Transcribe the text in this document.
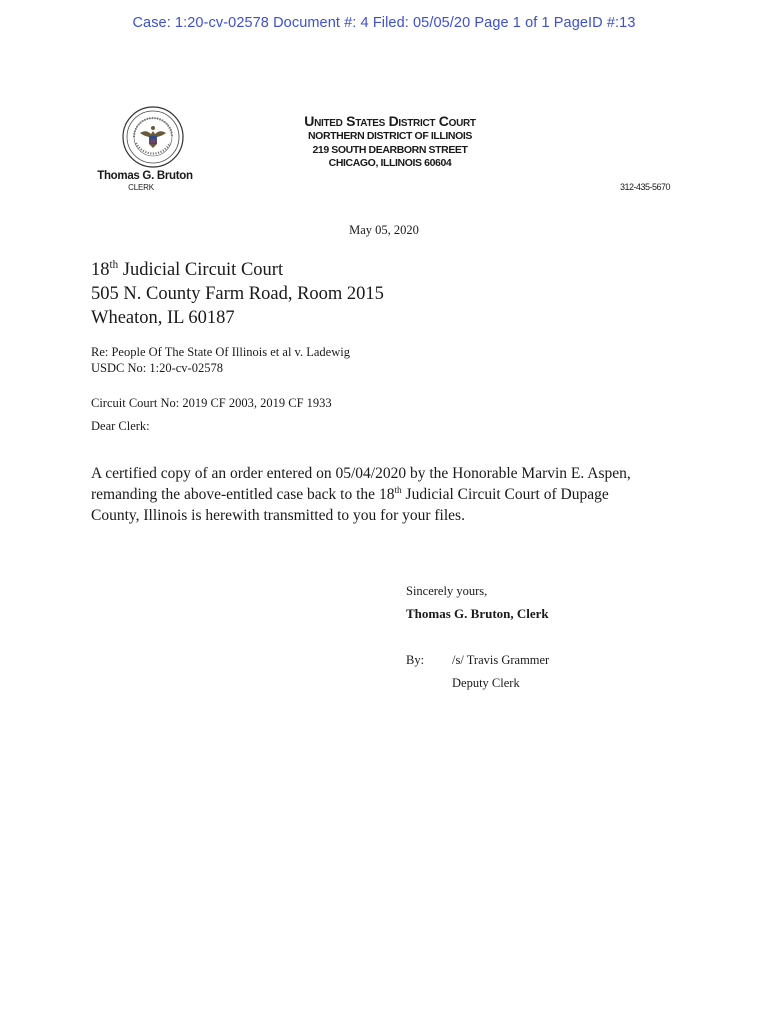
Case: 1:20-cv-02578 Document #: 4 Filed: 05/05/20 Page 1 of 1 PageID #:13
Thomas G. Bruton
CLERK
United States District Court
NORTHERN DISTRICT OF ILLINOIS
219 SOUTH DEARBORN STREET
CHICAGO, ILLINOIS 60604
312-435-5670
May 05, 2020
18th Judicial Circuit Court
505 N. County Farm Road, Room 2015
Wheaton, IL 60187
Re: People Of The State Of Illinois et al v. Ladewig
USDC No: 1:20-cv-02578
Circuit Court No: 2019 CF 2003, 2019 CF 1933
Dear Clerk:
A certified copy of an order entered on 05/04/2020 by the Honorable Marvin E. Aspen, remanding the above-entitled case back to the 18th Judicial Circuit Court of Dupage County, Illinois is herewith transmitted to you for your files.
Sincerely yours,
Thomas G. Bruton, Clerk
By: /s/ Travis Grammer
Deputy Clerk
